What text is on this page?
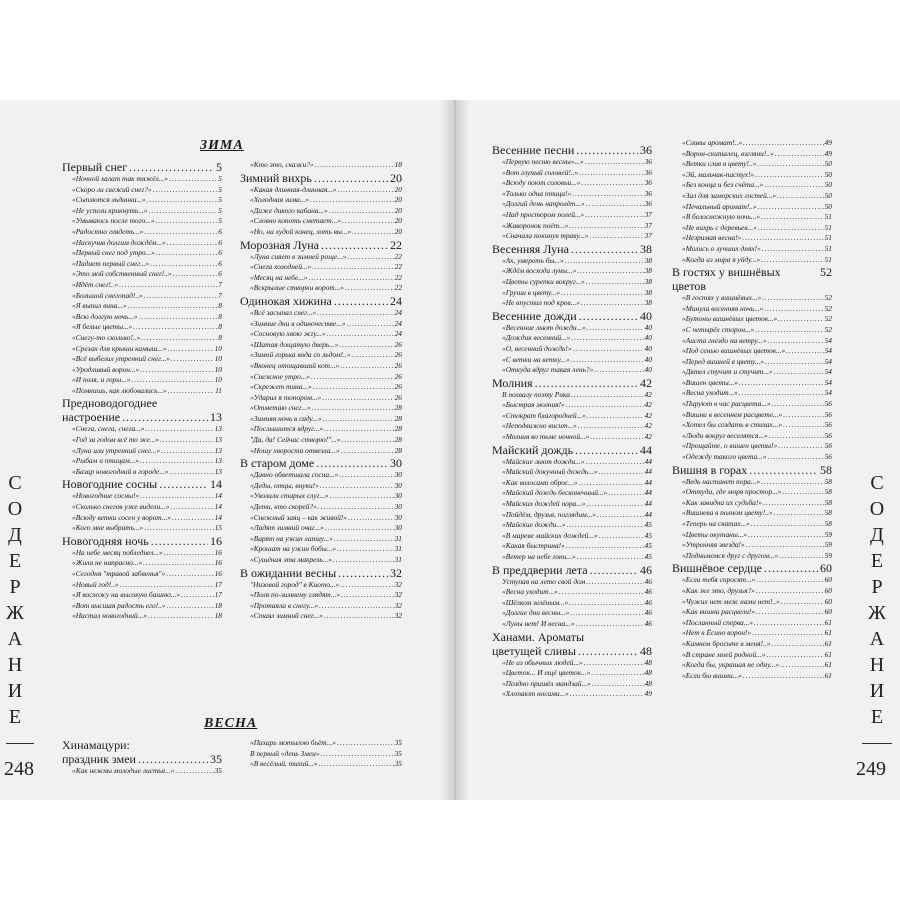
С
О
Д
Е
Р
Ж
А
Н
И
Е
248
С
О
Д
Е
Р
Ж
А
Н
И
Е
249
ЗИМА
ВЕСНА
Первый снег .....	5
«Ночной халат так тяжёл...» .....	5
«Скоро ли свежий снег?» .....	5
«Сыплются льдинки...» .....	5
«Не успели крикнуть...» .....	5
«Умываюсь после того...» .....	5
«Радостно глядеть...» .....	6
«Наскучив долгим дождём...» .....	6
«Первый снег под утро...» .....	6
«Падает первый снег...» .....	6
«Это мой собственный снег!..» .....	6
«Идёт снег!..» .....	7
«Большой снегопад!..» .....	7
«Я выпил вина...» .....	8
«Всю долгую ночь...» .....	8
«Я белые цветы...» .....	8
«Снегу-то сколько!..» .....	8
«Срезан для крыши камыш...» .....	10
«Всё выбелил утренний снег...» .....	10
«Уродливый ворон...» .....	10
«И поля, и горы...» .....	10
«Помнишь, как любовались...» .....	11
Предноводогоднее
настроение .....	13
«Снега, снега, снега...» .....	13
«Год за годом всё то же...» .....	13
«Луна или утренний снег...» .....	13
«Рыбам и птицам...» .....	13
«Базар новогодний в городе...» .....	13
Новогодние сосны .....	14
«Новогодние сосны!» .....	14
«Сколько снегов уже видели...» .....	14
«Всюду ветки сосен у ворот...» .....	14
«Кого мне выбрать...» .....	15
Новогодняя ночь .....	16
«На небе месяц побледнел...» .....	16
«Жила не напрасно...» .....	16
«Сегодня "травой забвенья"» .....	16
«Новый год!..» .....	17
«Я восхожу на высокую башню...» .....	17
«Вот высшая радость его!..» .....	18
«Настал новогодний...» .....	18
«Кто это, скажи?» .....	18
Зимний вихрь .....	20
«Какая длинная-длинная...» .....	20
«Холодная зима...» .....	20
«Даже дикого кабана...» .....	20
«Словно копоть сметает...» .....	20
«Но, на худой конец, хоть вы...» .....	20
Морозная Луна .....	22
«Луна сияет в зимней роще...» .....	22
«Снега холодней...» .....	22
«Месяц на небе...» .....	22
«Вскрылые створки ворот...» .....	22
Одинокая хижина .....	24
«Всё засыпал снег...» .....	24
«Зимние дни в одиночестве...» .....	24
«Сосновую хвою жгу...» .....	24
«Шатая дощатую дверь...» .....	26
«Зимой горька вода со льдом!..» .....	26
«Вконец отощавший кот...» .....	26
«Снежное утро...» .....	26
«Скрежет тина...» .....	26
«Ударил я топором...» .....	26
«Отметаю снег...» .....	28
«Зимняя ночь в саду...» .....	28
«Послышится вдруг...» .....	28
"Да, да! Сейчас створю!"...» .....	28
«Ношу хвороста отвезла...» .....	28
В старом доме .....	30
«Давно обветшала сосна...» .....	30
«Деды, отцы, внуки!» .....	30
«Уволили старых слуг...» .....	30
«Дети, кто скорей?» .....	30
«Снежный заяц – как живой!» .....	30
«Ладят зимний очаг...» .....	30
«Варят на ужин лапшу...» .....	31
«Крошат на ужин бобы...» .....	31
«Сушёная эта макрель...» .....	31
В ожидании весны .....	32
"Низовой город" в Киото...» .....	32
«Поля по-зимнему глядят...» .....	32
«Протаяла в снегу...» .....	32
«Стаял зимний снег...» .....	32
Хинамацури:
праздник змеи .....	35
«Как нежны молодые листья...» .....	35
«Пахарь мотыгою бьёт...» .....	35
В первый «день Змеи» .....	35
«В весёлый, тихий...» .....	35
Весенние песни .....	36
«Первую песню весны»...» .....	36
«Вот глупый соловей!..» .....	36
«Всюду поют соловьи...» .....	36
«Только одна птица!» .....	36
«Долгий день напролёт...» .....	36
«Над простором полей...» .....	37
«Жаворонок поёт...» .....	37
«Сначала покинув траву...» .....	37
Весенняя Луна .....	38
«Ах, умереть бы...» .....	38
«Ждём восхода луны...» .....	38
«Цветы сурепки вокруг...» .....	38
«Груши в цвету...» .....	38
«Не впустил под кров...» .....	38
Весенние дожди .....	40
«Весенние льют дожди...» .....	40
«Дождик весенний...» .....	40
«О, весенний дождь!» .....	40
«С ветки на ветку...» .....	40
«Откуда вдруг такая лень?» .....	40
Молния .....	42
В похвалу поэту Рика .....	42
«Быстрая молния!» .....	42
«Стократ благородней...» .....	42
«Неподвижно висит...» .....	42
«Молния во тьме ночной...» .....	42
Майский дождь .....	44
«Майские льют дожди...» .....	44
«Майский докучный дождь...» .....	44
«Как волосами оброс...» .....	44
«Майский дождь бесконечный...» .....	44
«Майских дождей пора...» .....	44
«Пойдём, друзья, поглядим...» .....	44
«Майские дожди...» .....	45
«В мареве майских дождей...» .....	45
«Какая быстрина!» .....	45
«Ветер на небе гони...» .....	45
В преддверии лета .....	46
Уступая на лето свой дом .....	46
«Весна уходит...» .....	46
«Шёлком зелёным...» .....	46
«Долгие дни весны...» .....	46
«Луны нет! И весна...» .....	46
Ханами. Ароматы
цветущей сливы .....	48
«Не из обычных людей...» .....	48
«Цветок... И ещё цветок...» .....	48
«Поздно пришёл мандзай...» .....	48
«Хлопают носами...» .....	49
«Сливы аромат!..» .....	49
«Ворон-скиталец, взгляни!..» .....	49
«Ветки слив в цвету!..» .....	50
«Эй, мальчик-пастух!» .....	50
«Без конца и без счёта...» .....	50
«Зал для заморских гостей...» .....	50
«Печальный аромат!..» .....	50
«В белоснежную ночь...» .....	51
«Не вихрь с деревьев...» .....	51
«Незримая весна!» .....	51
«Молись о лучших днях!» .....	51
«Когда из мира я уйду...» .....	51
В гостях у вишнёвых цветов
52
«В гостях у вишнёвых...» .....	52
«Минула весенняя ночь...» .....	52
«Бутоны вишнёвых цветов...» .....	52
«С четырёх сторон...» .....	52
«Аиста гнездо на ветру...» .....	54
«Под сенью вишнёвых цветов...» .....	54
«Перед вишней в цвету...» .....	54
«Дятел стучит и стучит...» .....	54
«Вишен цветы...» .....	54
«Весна уходит...» .....	54
«Пируют в час расцвета...» .....	56
«Вишни в весеннем расцвете...» .....	56
«Хотел бы создать в стихах...» .....	56
«Люди вокруг веселятся...» .....	56
«Прощайте, о вишен цветы!» .....	56
«Одежду такого цвета...» .....	56
Вишня в горах .....	58
«Ведь настанет пора...» .....	58
«Оттуда, где моря простор...» .....	58
«Как завидна их судьба!» .....	58
«Вишнева в полном цвету!..» .....	58
«Теперь на скатах...» .....	58
«Цветы окутаны...» .....	59
«Утренняя звезда!» .....	59
«Поднимемся друг с другом...» .....	59
Вишнёвое сердце .....	60
«Если тебя спросят...» .....	60
«Как же это, друзья?» .....	60
«Чужих нет меж нами нет!..» .....	60
«Как вишни расцвели!» .....	60
«Посланный сперва...» .....	61
«Нет в Ёсино ворон!» .....	61
«Камнем бросьте в меня!..» .....	61
«В стране моей родной...» .....	61
«Когда бы, украшая не одну...» .....	61
«Если бы вишни...» .....	61
